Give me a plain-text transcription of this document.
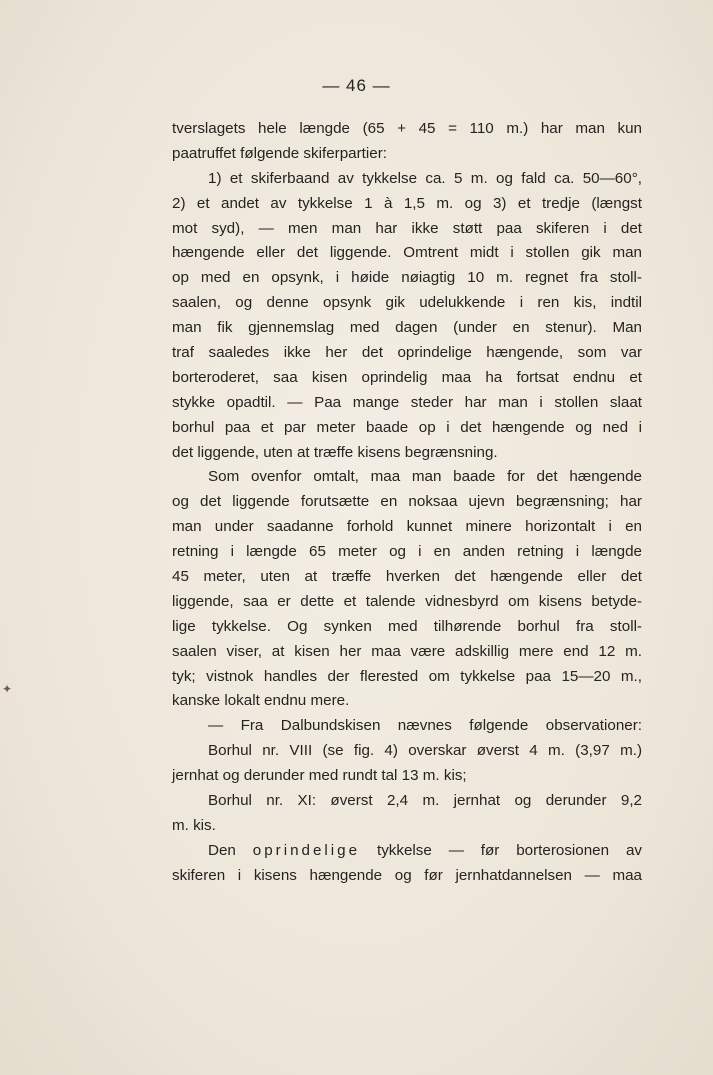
— 46 —
tverslagets hele længde (65 + 45 = 110 m.) har man kun
paatruffet følgende skiferpartier:
1) et skiferbaand av tykkelse ca. 5 m. og fald ca. 50—60°,
2) et andet av tykkelse 1 à 1,5 m. og 3) et tredje (længst
mot syd), — men man har ikke støtt paa skiferen i det
hængende eller det liggende. Omtrent midt i stollen gik man
op med en opsynk, i høide nøiagtig 10 m. regnet fra stoll-
saalen, og denne opsynk gik udelukkende i ren kis, indtil
man fik gjennemslag med dagen (under en stenur). Man
traf saaledes ikke her det oprindelige hængende, som var
borteroderet, saa kisen oprindelig maa ha fortsat endnu et
stykke opadtil. — Paa mange steder har man i stollen slaat
borhul paa et par meter baade op i det hængende og ned i
det liggende, uten at træffe kisens begrænsning.
Som ovenfor omtalt, maa man baade for det hængende
og det liggende forutsætte en noksaa ujevn begrænsning; har
man under saadanne forhold kunnet minere horizontalt i en
retning i længde 65 meter og i en anden retning i længde
45 meter, uten at træffe hverken det hængende eller det
liggende, saa er dette et talende vidnesbyrd om kisens betyde-
lige tykkelse. Og synken med tilhørende borhul fra stoll-
saalen viser, at kisen her maa være adskillig mere end 12 m.
tyk; vistnok handles der flerested om tykkelse paa 15—20 m.,
kanske lokalt endnu mere.
— Fra Dalbundskisen nævnes følgende observationer:
Borhul nr. VIII (se fig. 4) overskar øverst 4 m. (3,97 m.)
jernhat og derunder med rundt tal 13 m. kis;
Borhul nr. XI: øverst 2,4 m. jernhat og derunder 9,2
m. kis.
Den oprindelige tykkelse — før borterosionen av
skiferen i kisens hængende og før jernhatdannelsen — maa
✦
